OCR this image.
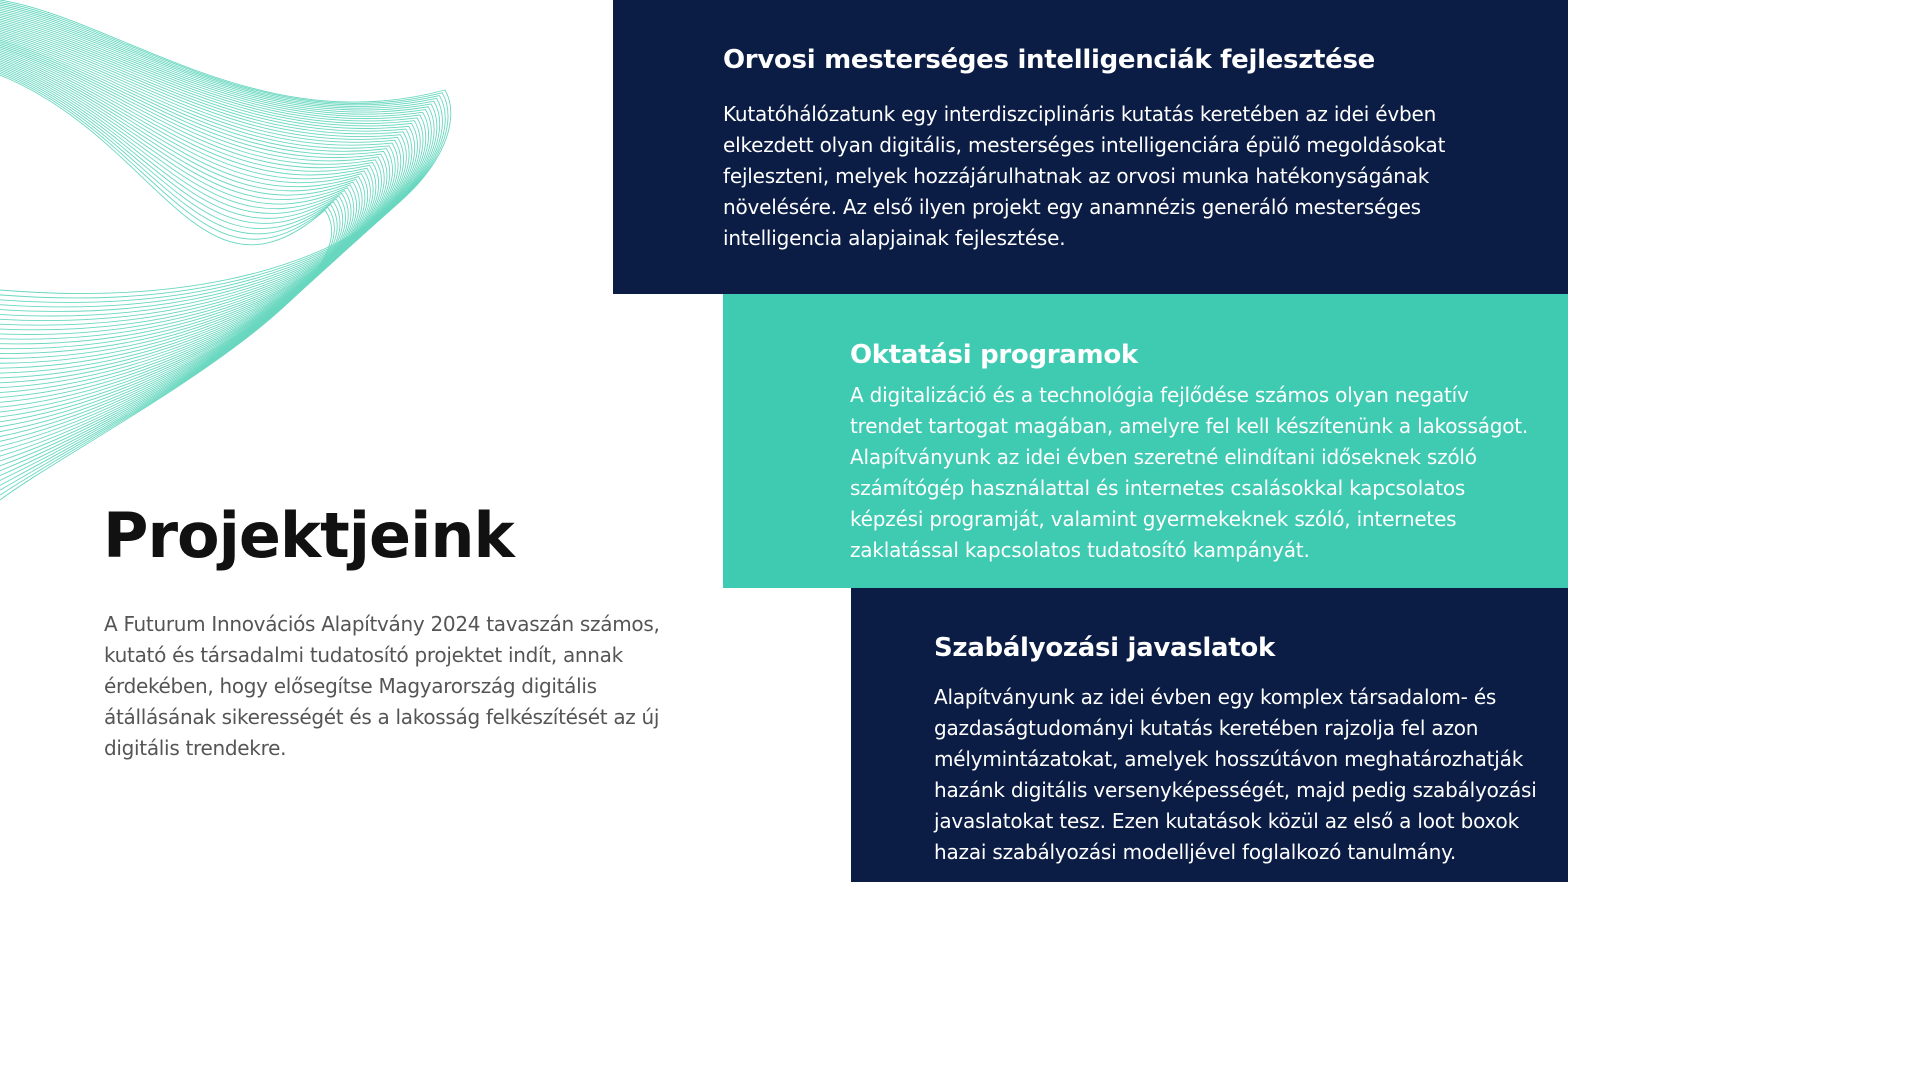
Orvosi mesterséges intelligenciák fejlesztése

Kutatóhálózatunk egy interdiszciplináris kutatás keretében az idei évben elkezdett olyan digitális, mesterséges intelligenciára épülő megoldásokat fejleszteni, melyek hozzájárulhatnak az orvosi munka hatékonyságának növelésére. Az első ilyen projekt egy anamnézis generáló mesterséges intelligencia alapjainak fejlesztése.

Oktatási programok

A digitalizáció és a technológia fejlődése számos olyan negatív trendet tartogat magában, amelyre fel kell készítenünk a lakosságot. Alapítványunk az idei évben szeretné elindítani időseknek szóló számítógép használattal és internetes csalásokkal kapcsolatos képzési programját, valamint gyermekeknek szóló, internetes zaklatással kapcsolatos tudatosító kampányát.

Szabályozási javaslatok

Alapítványunk az idei évben egy komplex társadalom- és gazdaságtudományi kutatás keretében rajzolja fel azon mélymintázatokat, amelyek hosszútávon meghatározhatják hazánk digitális versenyképességét, majd pedig szabályozási javaslatokat tesz. Ezen kutatások közül az első a loot boxok hazai szabályozási modelljével foglalkozó tanulmány.

Projektjeink

A Futurum Innovációs Alapítvány 2024 tavaszán számos, kutató és társadalmi tudatosító projektet indít, annak érdekében, hogy elősegítse Magyarország digitális átállásának sikerességét és a lakosság felkészítését az új digitális trendekre.
